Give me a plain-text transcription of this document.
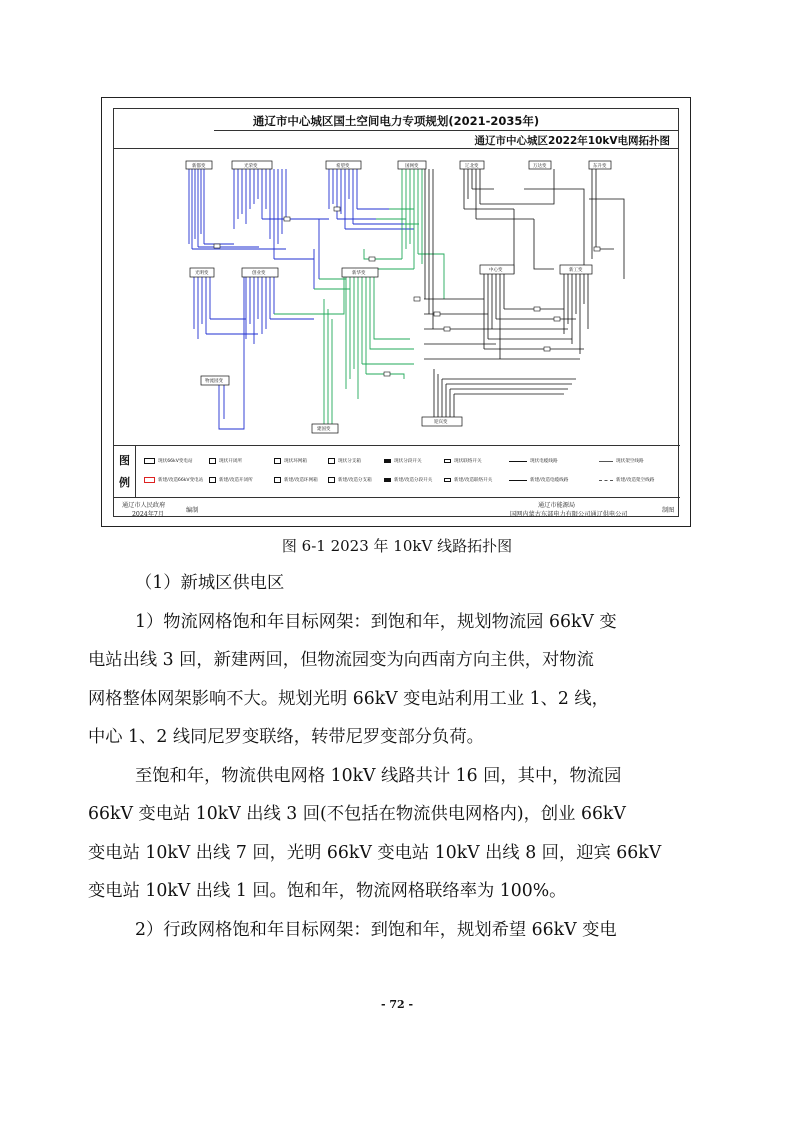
通辽市中心城区国土空间电力专项规划(2021-2035年)
通辽市中心城区2022年10kV电网拓扑图
新都变	光荣变	希望变	国网变	辽北变	万达变	东升变
光明变	创业变	新华变
中心变	新工变
物流园变
建国变
迎宾变
图
例
现状66kV变电站	现状开闭所	现状环网箱	现状分支箱	现状分段开关	现状联络开关	现状电缆线路	现状架空线路
新建/改造66kV变电站	新建/改造开闭所	新建/改造环网箱	新建/改造分支箱	新建/改造分段开关	新建/改造联络开关	新建/改造电缆线路	新建/改造架空线路
通辽市人民政府
2024年7月
编制
通辽市能源局
国网内蒙古东部电力有限公司通辽供电公司
制图
图 6-1 2023 年 10kV 线路拓扑图

（1）新城区供电区

1）物流网格饱和年目标网架：到饱和年，规划物流园 66kV 变

电站出线 3 回，新建两回，但物流园变为向西南方向主供，对物流

网格整体网架影响不大。规划光明 66kV 变电站利用工业 1、2 线，

中心 1、2 线同尼罗变联络，转带尼罗变部分负荷。

至饱和年，物流供电网格 10kV 线路共计 16 回，其中，物流园

66kV 变电站 10kV 出线 3 回(不包括在物流供电网格内)，创业 66kV

变电站 10kV 出线 7 回，光明 66kV 变电站 10kV 出线 8 回，迎宾 66kV

变电站 10kV 出线 1 回。饱和年，物流网格联络率为 100%。

2）行政网格饱和年目标网架：到饱和年，规划希望 66kV 变电

- 72 -
